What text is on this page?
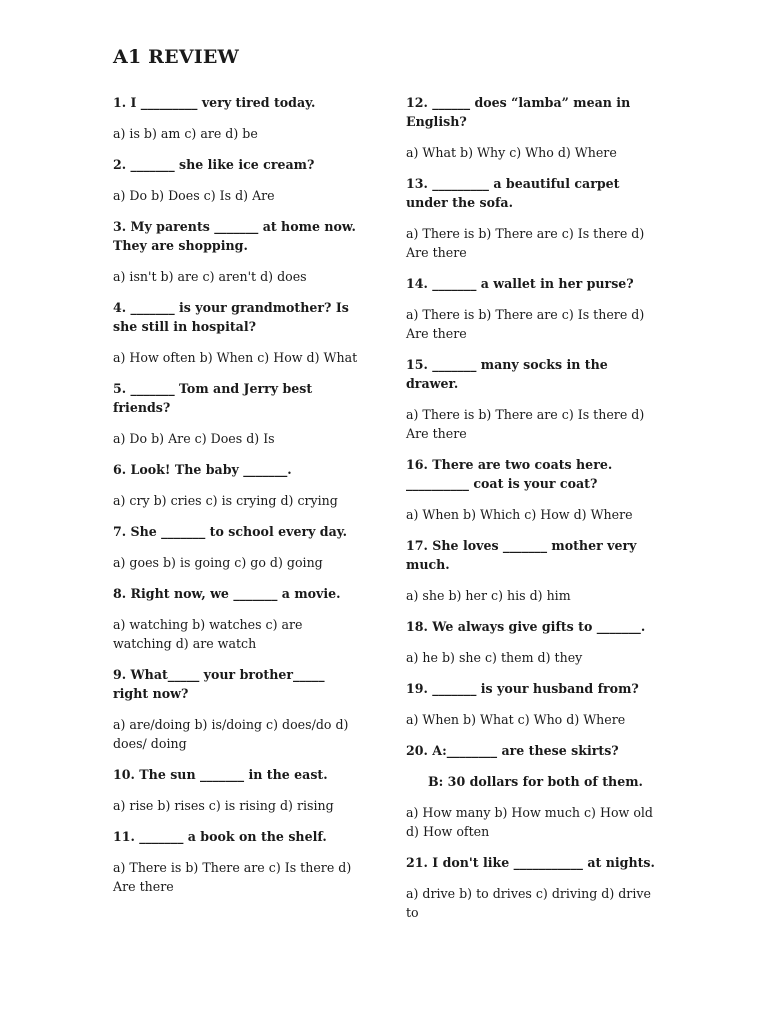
A1 REVIEW

1. I _________ very tired today.

a) is b) am c) are d) be

2. _______ she like ice cream?

a) Do b) Does c) Is d) Are

3. My parents _______ at home now. They are shopping.

a) isn't b) are c) aren't d) does

4. _______ is your grandmother? Is she still in hospital?

a) How often b) When c) How d) What

5. _______ Tom and Jerry best friends?

a) Do b) Are c) Does d) Is

6. Look! The baby _______.

a) cry b) cries c) is crying d) crying

7. She _______ to school every day.

a) goes b) is going c) go d) going

8. Right now, we _______ a movie.

a) watching b) watches c) are watching d) are watch

9. What_____ your brother_____ right now?

a) are/doing b) is/doing c) does/do d) does/ doing

10. The sun _______ in the east.

a) rise b) rises c) is rising d) rising

11. _______ a book on the shelf.

a) There is b) There are c) Is there d) Are there

12. ______ does “lamba” mean in English?

a) What b) Why c) Who d) Where

13. _________ a beautiful carpet under the sofa.

a) There is b) There are c) Is there d) Are there

14. _______ a wallet in her purse?

a) There is b) There are c) Is there d) Are there

15. _______ many socks in the drawer.

a) There is b) There are c) Is there d) Are there

16. There are two coats here. __________ coat is your coat?

a) When b) Which c) How d) Where

17. She loves _______ mother very much.

a) she b) her c) his d) him

18. We always give gifts to _______.

a) he b) she c) them d) they

19. _______ is your husband from?

a) When b) What c) Who d) Where

20. A:________ are these skirts?

B: 30 dollars for both of them.

a) How many b) How much c) How old d) How often

21. I don't like ___________ at nights.

a) drive b) to drives c) driving d) drive to
